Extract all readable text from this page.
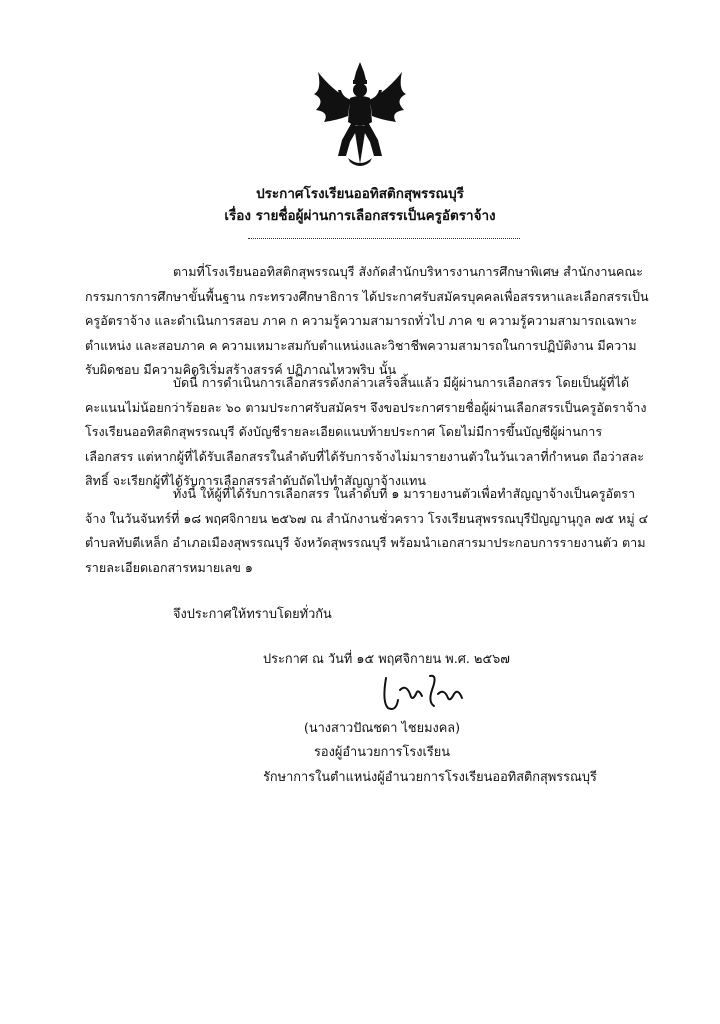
ประกาศโรงเรียนออทิสติกสุพรรณบุรี
เรื่อง รายชื่อผู้ผ่านการเลือกสรรเป็นครูอัตราจ้าง
ตามที่โรงเรียนออทิสติกสุพรรณบุรี สังกัดสำนักบริหารงานการศึกษาพิเศษ สำนักงานคณะกรรมการการศึกษาขั้นพื้นฐาน กระทรวงศึกษาธิการ ได้ประกาศรับสมัครบุคคลเพื่อสรรหาและเลือกสรรเป็นครูอัตราจ้าง และดำเนินการสอบ ภาค ก ความรู้ความสามารถทั่วไป ภาค ข ความรู้ความสามารถเฉพาะตำแหน่ง และสอบภาค ค ความเหมาะสมกับตำแหน่งและวิชาชีพความสามารถในการปฏิบัติงาน มีความรับผิดชอบ มีความคิดริเริ่มสร้างสรรค์ ปฏิภาณไหวพริบ นั้น
บัดนี้ การดำเนินการเลือกสรรดังกล่าวเสร็จสิ้นแล้ว มีผู้ผ่านการเลือกสรร โดยเป็นผู้ที่ได้คะแนนไม่น้อยกว่าร้อยละ ๖๐ ตามประกาศรับสมัครฯ จึงขอประกาศรายชื่อผู้ผ่านเลือกสรรเป็นครูอัตราจ้าง โรงเรียนออทิสติกสุพรรณบุรี ดังบัญชีรายละเอียดแนบท้ายประกาศ โดยไม่มีการขึ้นบัญชีผู้ผ่านการเลือกสรร แต่หากผู้ที่ได้รับเลือกสรรในลำดับที่ได้รับการจ้างไม่มารายงานตัวในวันเวลาที่กำหนด ถือว่าสละสิทธิ์ จะเรียกผู้ที่ได้รับการเลือกสรรลำดับถัดไปทำสัญญาจ้างแทน
ทั้งนี้ ให้ผู้ที่ได้รับการเลือกสรร ในลำดับที่ ๑ มารายงานตัวเพื่อทำสัญญาจ้างเป็นครูอัตราจ้าง ในวันจันทร์ที่ ๑๘ พฤศจิกายน ๒๕๖๗ ณ สำนักงานชั่วคราว โรงเรียนสุพรรณบุรีปัญญานุกูล ๗๕ หมู่ ๔ ตำบลทับตีเหล็ก อำเภอเมืองสุพรรณบุรี จังหวัดสุพรรณบุรี พร้อมนำเอกสารมาประกอบการรายงานตัว ตามรายละเอียดเอกสารหมายเลข ๑
จึงประกาศให้ทราบโดยทั่วกัน
ประกาศ ณ วันที่ ๑๕ พฤศจิกายน พ.ศ. ๒๕๖๗
(นางสาวปัณชดา ไชยมงคล)
รองผู้อำนวยการโรงเรียน
รักษาการในตำแหน่งผู้อำนวยการโรงเรียนออทิสติกสุพรรณบุรี
